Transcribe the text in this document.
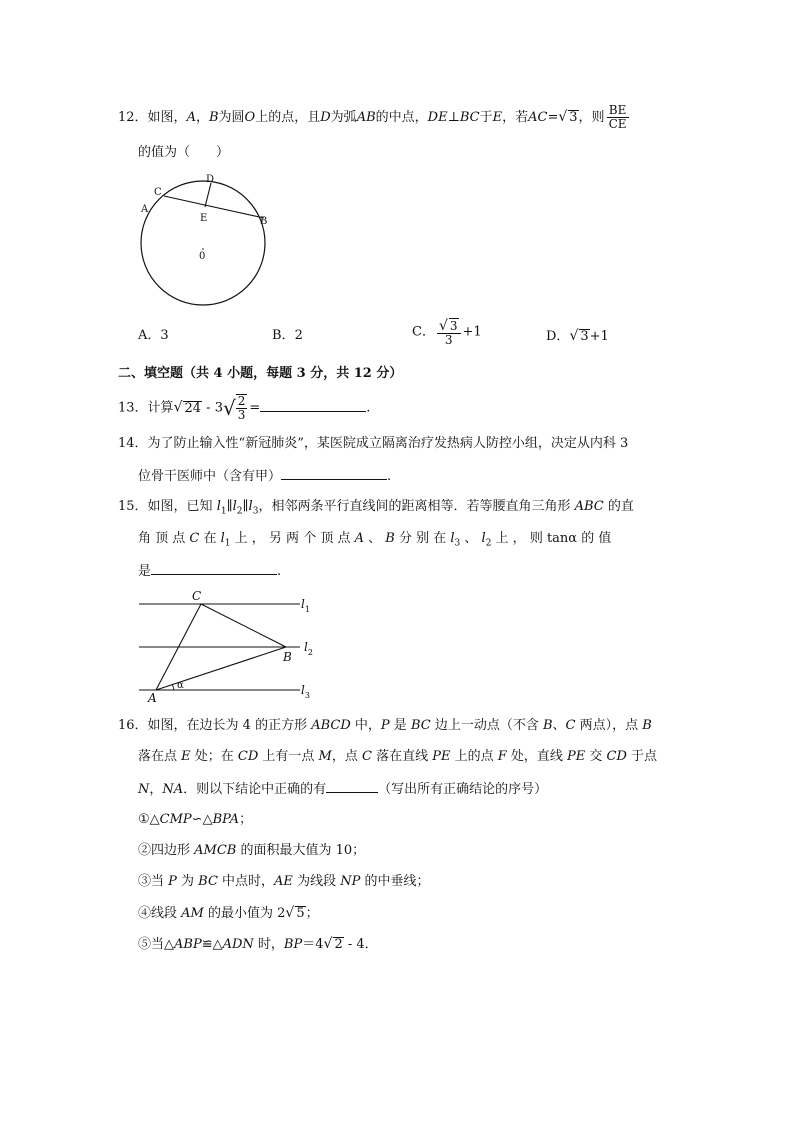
12．如图，A，B为圆O上的点，且D为弧AB的中点，DE⊥BC于E，若AC=√ 3，则 $\frac{BE}{CE}$
的值为（　　）
D
C
A
E	B
0
A．3	B．2	C． $\frac{√ 3}{3} +1$	D．√ 3+1
二、填空题（共 4 小题，每题 3 分，共 12 分）
13．计算√ $24 - 3√ \frac{2}{3}$ =	.
14．为了防止输入性“新冠肺炎”，某医院成立隔离治疗发热病人防控小组，决定从内科 3
位骨干医师中（含有甲）	.
15．如图，已知 $l_1\parallel l_2\parallel l_3$，相邻两条平行直线间的距离相等．若等腰直角三角形 ABC 的直
角 顶 点 C 在 $l_1$ 上 ， 另 两 个 顶 点 A 、 B 分 别 在 $l_3$ 、 $l_2$ 上 ， 则 tanα 的 值
是	.
C
B
A
α
$l_1$
$l_2$
$l_3$
16．如图，在边长为 4 的正方形 ABCD 中，P 是 BC 边上一动点（不含 B、C 两点），点 B
落在点 E 处；在 CD 上有一点 M，点 C 落在直线 PE 上的点 F 处，直线 PE 交 CD 于点
N，NA．则以下结论中正确的有	（写出所有正确结论的序号）
①△CMP∽△BPA；
②四边形 AMCB 的面积最大值为 10；
③当 P 为 BC 中点时，AE 为线段 NP 的中垂线；
④线段 AM 的最小值为 2√ 5；
⑤当△ABP≌△ADN 时，BP＝4√ 2 - 4．
